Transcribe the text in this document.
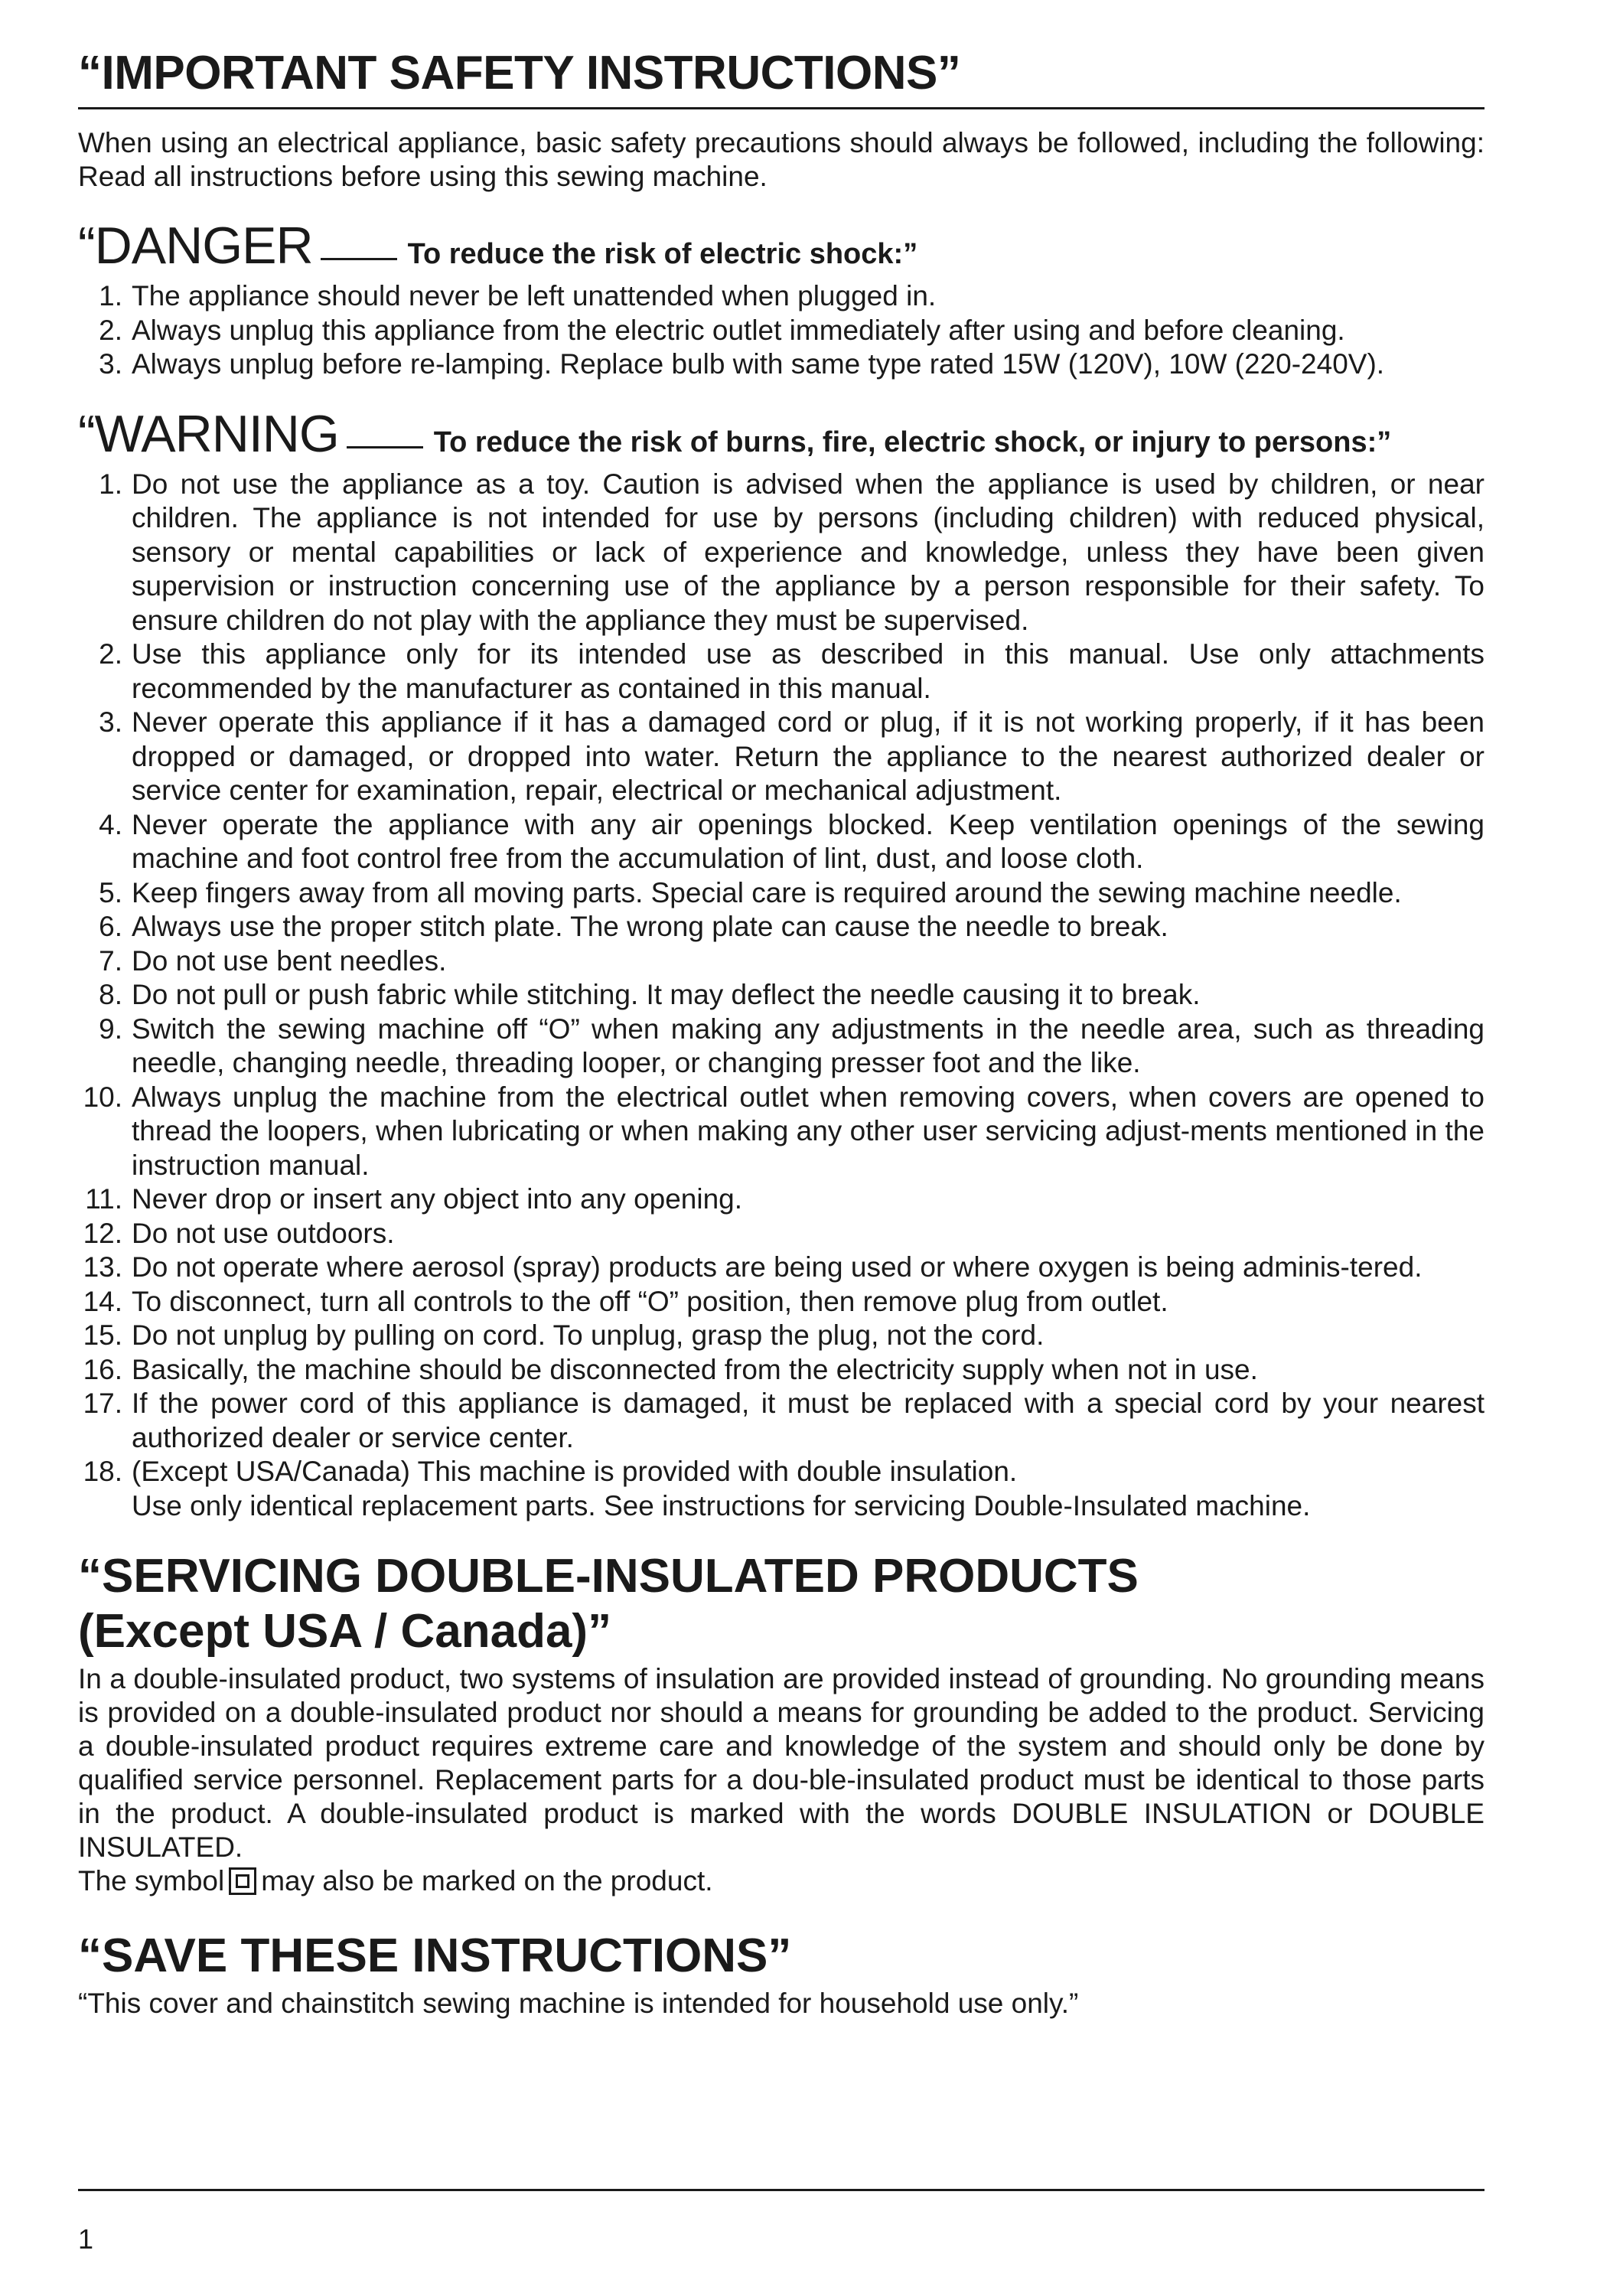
“IMPORTANT SAFETY INSTRUCTIONS”

When using an electrical appliance, basic safety precautions should always be followed, including the following: Read all instructions before using this sewing machine.

“DANGER	To reduce the risk of electric shock:”
1. The appliance should never be left unattended when plugged in.
2. Always unplug this appliance from the electric outlet immediately after using and before cleaning.
3. Always unplug before re-lamping. Replace bulb with same type rated 15W (120V), 10W (220-240V).
“WARNING	To reduce the risk of burns, fire, electric shock, or injury to persons:”
1. Do not use the appliance as a toy. Caution is advised when the appliance is used by children, or near children. The appliance is not intended for use by persons (including children) with reduced physical, sensory or mental capabilities or lack of experience and knowledge, unless they have been given supervision or instruction concerning use of the appliance by a person responsible for their safety. To ensure children do not play with the appliance they must be supervised.
2. Use this appliance only for its intended use as described in this manual. Use only attachments recommended by the manufacturer as contained in this manual.
3. Never operate this appliance if it has a damaged cord or plug, if it is not working properly, if it has been dropped or damaged, or dropped into water. Return the appliance to the nearest authorized dealer or service center for examination, repair, electrical or mechanical adjustment.
4. Never operate the appliance with any air openings blocked. Keep ventilation openings of the sewing machine and foot control free from the accumulation of lint, dust, and loose cloth.
5. Keep fingers away from all moving parts. Special care is required around the sewing machine needle.
6. Always use the proper stitch plate. The wrong plate can cause the needle to break.
7. Do not use bent needles.
8. Do not pull or push fabric while stitching. It may deflect the needle causing it to break.
9. Switch the sewing machine off “O” when making any adjustments in the needle area, such as threading needle, changing needle, threading looper, or changing presser foot and the like.
10. Always unplug the machine from the electrical outlet when removing covers, when covers are opened to thread the loopers, when lubricating or when making any other user servicing adjust-ments mentioned in the instruction manual.
11. Never drop or insert any object into any opening.
12. Do not use outdoors.
13. Do not operate where aerosol (spray) products are being used or where oxygen is being adminis-tered.
14. To disconnect, turn all controls to the off “O” position, then remove plug from outlet.
15. Do not unplug by pulling on cord. To unplug, grasp the plug, not the cord.
16. Basically, the machine should be disconnected from the electricity supply when not in use.
17. If the power cord of this appliance is damaged, it must be replaced with a special cord by your nearest authorized dealer or service center.
18. (Except USA/Canada) This machine is provided with double insulation.
Use only identical replacement parts. See instructions for servicing Double-Insulated machine.
“SERVICING DOUBLE-INSULATED PRODUCTS
(Except USA / Canada)”

In a double-insulated product, two systems of insulation are provided instead of grounding. No grounding means is provided on a double-insulated product nor should a means for grounding be added to the product. Servicing a double-insulated product requires extreme care and knowledge of the system and should only be done by qualified service personnel. Replacement parts for a dou-ble-insulated product must be identical to those parts in the product. A double-insulated product is marked with the words DOUBLE INSULATION or DOUBLE INSULATED.

The symbol may also be marked on the product.

“SAVE THESE INSTRUCTIONS”

“This cover and chainstitch sewing machine is intended for household use only.”

1
